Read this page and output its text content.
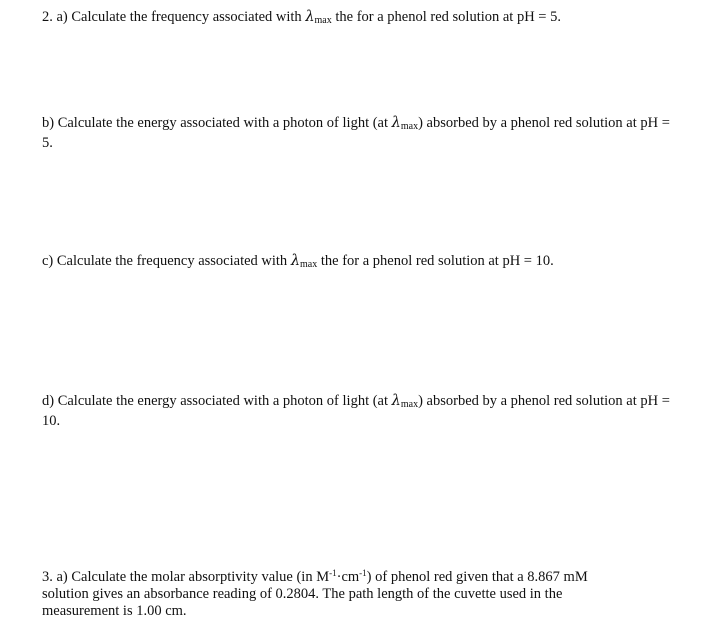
2. a) Calculate the frequency associated with $\lambda_{max}$ the for a phenol red solution at pH = 5.

b) Calculate the energy associated with a photon of light (at $\lambda_{max}$) absorbed by a phenol red solution at pH = 5.

c) Calculate the frequency associated with $\lambda_{max}$ the for a phenol red solution at pH = 10.

d) Calculate the energy associated with a photon of light (at $\lambda_{max}$) absorbed by a phenol red solution at pH = 10.

3. a) Calculate the molar absorptivity value (in $M^{-1}\cdot cm^{-1}$) of phenol red given that a 8.867 mM solution gives an absorbance reading of 0.2804. The path length of the cuvette used in the measurement is 1.00 cm.
